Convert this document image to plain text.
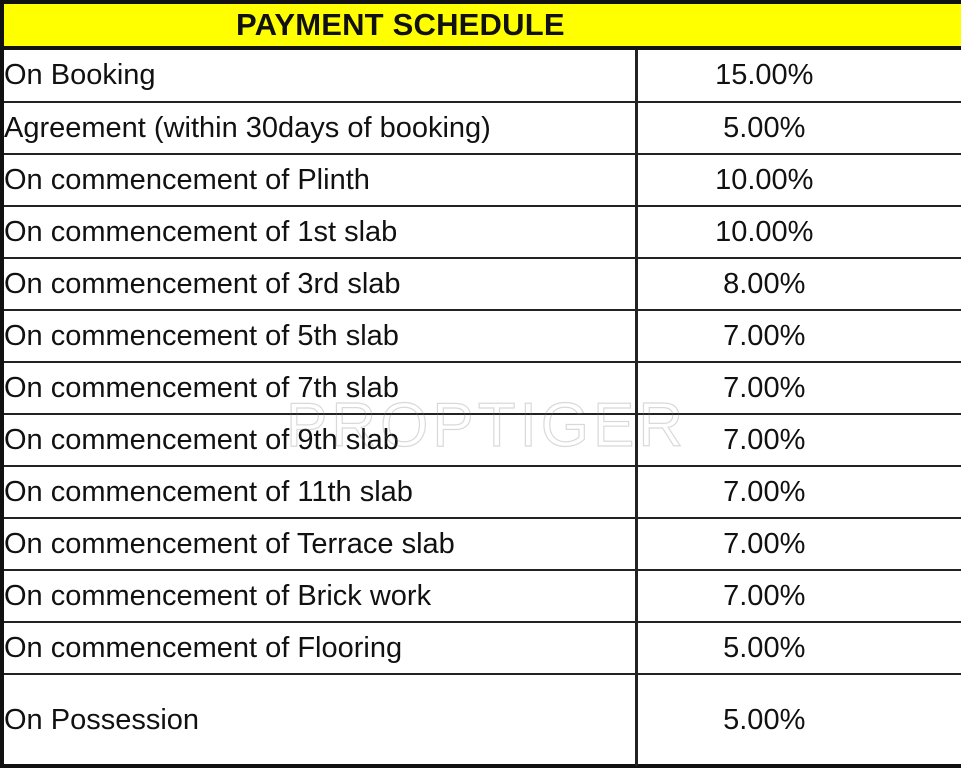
PAYMENT SCHEDULE
On Booking	15.00%
Agreement (within 30days of booking)	5.00%
On commencement of Plinth	10.00%
On commencement of 1st slab	10.00%
On commencement of 3rd slab	8.00%
On commencement of 5th slab	7.00%
On commencement of 7th slab	7.00%
On commencement of 9th slab	7.00%
On commencement of 11th slab	7.00%
On commencement of Terrace slab	7.00%
On commencement of Brick work	7.00%
On commencement of Flooring	5.00%
On Possession	5.00%
PROPTIGER
